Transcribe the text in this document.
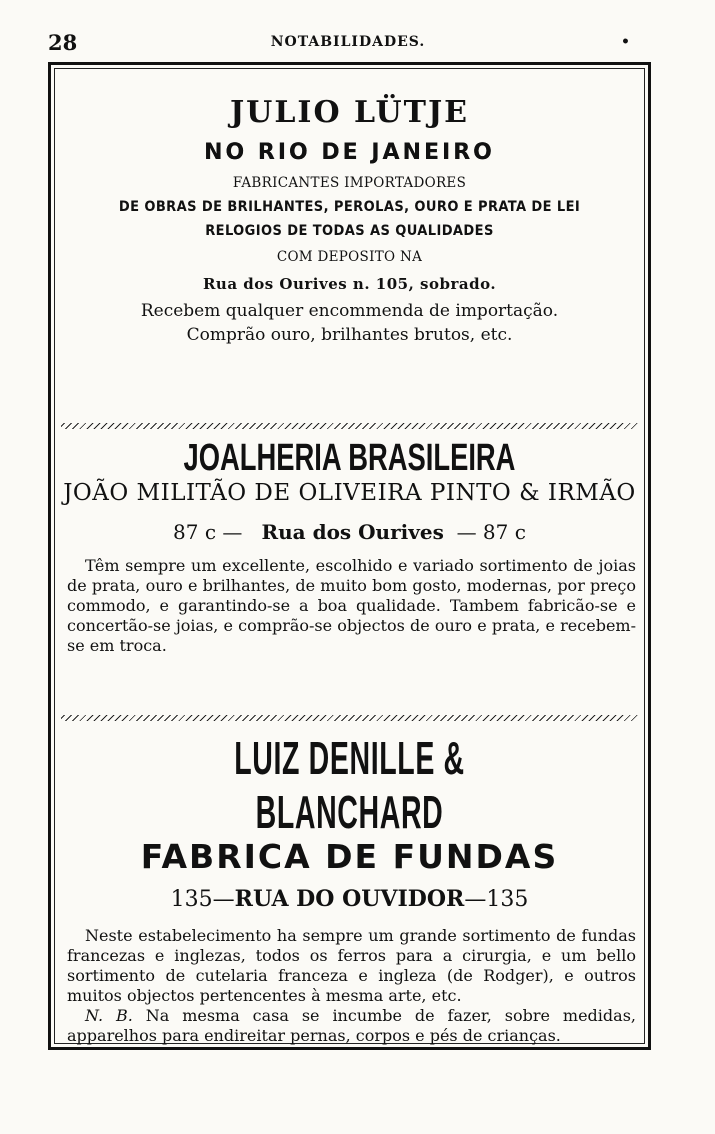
28	NOTABILIDADES.	•
JULIO LÜTJE
NO RIO DE JANEIRO
FABRICANTES IMPORTADORES
DE OBRAS DE BRILHANTES, PEROLAS, OURO E PRATA DE LEI
RELOGIOS DE TODAS AS QUALIDADES
COM DEPOSITO NA
Rua dos Ourives n. 105, sobrado.
Recebem qualquer encommenda de importação.
Comprão ouro, brilhantes brutos, etc.
JOALHERIA BRASILEIRA
JOÃO MILITÃO DE OLIVEIRA PINTO & IRMÃO
87 c — Rua dos Ourives — 87 c
Têm sempre um excellente, escolhido e variado sortimento de joias de prata, ouro e brilhantes, de muito bom gosto, modernas, por preço commodo, e garantindo-se a boa qualidade. Tambem fabricão-se e concertão-se joias, e comprão-se objectos de ouro e prata, e recebem-se em troca.
LUIZ DENILLE & BLANCHARD
FABRICA DE FUNDAS
135—RUA DO OUVIDOR—135
Neste estabelecimento ha sempre um grande sortimento de fundas francezas e inglezas, todos os ferros para a cirurgia, e um bello sortimento de cutelaria franceza e ingleza (de Rodger), e outros muitos objectos pertencentes à mesma arte, etc.
N. B. Na mesma casa se incumbe de fazer, sobre medidas, apparelhos para endireitar pernas, corpos e pés de crianças.
